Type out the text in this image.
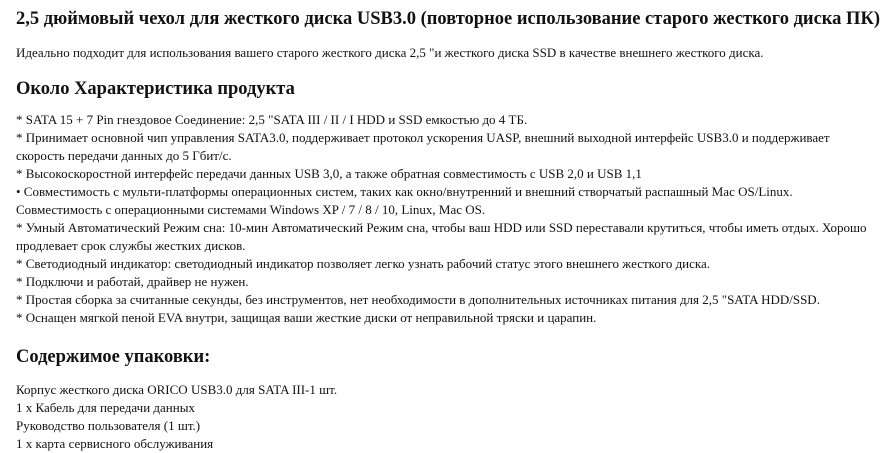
2,5 дюймовый чехол для жесткого диска USB3.0 (повторное использование старого жесткого диска ПК)

Идеально подходит для использования вашего старого жесткого диска 2,5 "и жесткого диска SSD в качестве внешнего жесткого диска.

Около Характеристика продукта
* SATA 15 + 7 Pin гнездовое Соединение: 2,5 "SATA III / II / I HDD и SSD емкостью до 4 ТБ.
* Принимает основной чип управления SATA3.0, поддерживает протокол ускорения UASP, внешний выходной интерфейс USB3.0 и поддерживает скорость передачи данных до 5 Гбит/с.
* Высокоскоростной интерфейс передачи данных USB 3,0, а также обратная совместимость с USB 2,0 и USB 1,1
• Совместимость с мульти-платформы операционных систем, таких как окно/внутренний и внешний створчатый распашный Mac OS/Linux. Совместимость с операционными системами Windows XP / 7 / 8 / 10, Linux, Mac OS.
* Умный Автоматический Режим сна: 10-мин Автоматический Режим сна, чтобы ваш HDD или SSD переставали крутиться, чтобы иметь отдых. Хорошо продлевает срок службы жестких дисков.
* Светодиодный индикатор: светодиодный индикатор позволяет легко узнать рабочий статус этого внешнего жесткого диска.
* Подключи и работай, драйвер не нужен.
* Простая сборка за считанные секунды, без инструментов, нет необходимости в дополнительных источниках питания для 2,5 "SATA HDD/SSD.
* Оснащен мягкой пеной EVA внутри, защищая ваши жесткие диски от неправильной тряски и царапин.
Содержимое упаковки:
Корпус жесткого диска ORICO USB3.0 для SATA III-1 шт.
1 x Кабель для передачи данных
Руководство пользователя (1 шт.)
1 x карта сервисного обслуживания
